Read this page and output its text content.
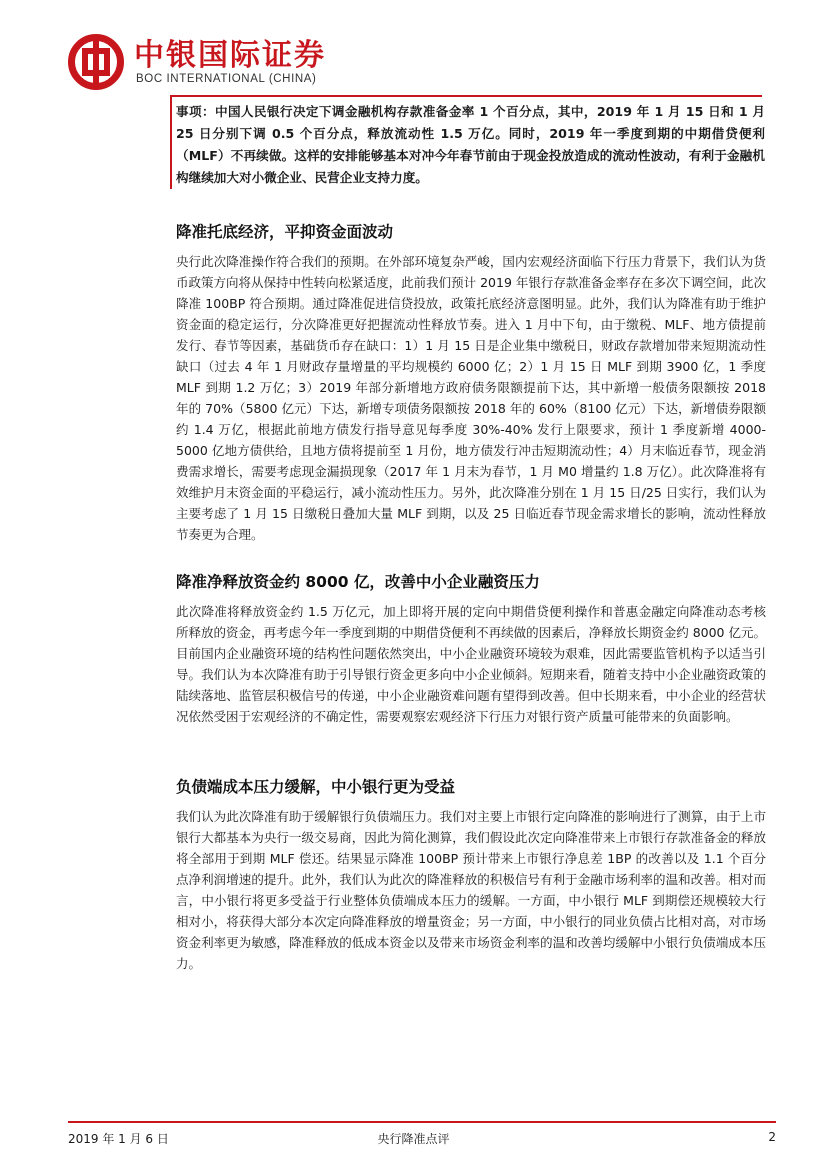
中银国际证券
BOC INTERNATIONAL (CHINA)

事项：中国人民银行决定下调金融机构存款准备金率 1 个百分点，其中，2019 年 1 月 15 日和 1 月 25 日分别下调 0.5 个百分点，释放流动性 1.5 万亿。同时，2019 年一季度到期的中期借贷便利（MLF）不再续做。这样的安排能够基本对冲今年春节前由于现金投放造成的流动性波动，有利于金融机构继续加大对小微企业、民营企业支持力度。

降准托底经济，平抑资金面波动

央行此次降准操作符合我们的预期。在外部环境复杂严峻，国内宏观经济面临下行压力背景下，我们认为货币政策方向将从保持中性转向松紧适度，此前我们预计 2019 年银行存款准备金率存在多次下调空间，此次降准 100BP 符合预期。通过降准促进信贷投放，政策托底经济意图明显。此外，我们认为降准有助于维护资金面的稳定运行，分次降准更好把握流动性释放节奏。进入 1 月中下旬，由于缴税、MLF、地方债提前发行、春节等因素，基础货币存在缺口：1）1 月 15 日是企业集中缴税日，财政存款增加带来短期流动性缺口（过去 4 年 1 月财政存量增量的平均规模约 6000 亿；2）1 月 15 日 MLF 到期 3900 亿，1 季度 MLF 到期 1.2 万亿；3）2019 年部分新增地方政府债务限额提前下达，其中新增一般债务限额按 2018 年的 70%（5800 亿元）下达，新增专项债务限额按 2018 年的 60%（8100 亿元）下达，新增债券限额约 1.4 万亿，根据此前地方债发行指导意见每季度 30%-40% 发行上限要求，预计 1 季度新增 4000-5000 亿地方债供给，且地方债将提前至 1 月份，地方债发行冲击短期流动性；4）月末临近春节，现金消费需求增长，需要考虑现金漏损现象（2017 年 1 月末为春节，1 月 M0 增量约 1.8 万亿）。此次降准将有效维护月末资金面的平稳运行，减小流动性压力。另外，此次降准分别在 1 月 15 日/25 日实行，我们认为主要考虑了 1 月 15 日缴税日叠加大量 MLF 到期，以及 25 日临近春节现金需求增长的影响，流动性释放节奏更为合理。

降准净释放资金约 8000 亿，改善中小企业融资压力

此次降准将释放资金约 1.5 万亿元，加上即将开展的定向中期借贷便利操作和普惠金融定向降准动态考核所释放的资金，再考虑今年一季度到期的中期借贷便利不再续做的因素后，净释放长期资金约 8000 亿元。目前国内企业融资环境的结构性问题依然突出，中小企业融资环境较为艰难，因此需要监管机构予以适当引导。我们认为本次降准有助于引导银行资金更多向中小企业倾斜。短期来看，随着支持中小企业融资政策的陆续落地、监管层积极信号的传递，中小企业融资难问题有望得到改善。但中长期来看，中小企业的经营状况依然受困于宏观经济的不确定性，需要观察宏观经济下行压力对银行资产质量可能带来的负面影响。

负债端成本压力缓解，中小银行更为受益

我们认为此次降准有助于缓解银行负债端压力。我们对主要上市银行定向降准的影响进行了测算，由于上市银行大都基本为央行一级交易商，因此为简化测算，我们假设此次定向降准带来上市银行存款准备金的释放将全部用于到期 MLF 偿还。结果显示降准 100BP 预计带来上市银行净息差 1BP 的改善以及 1.1 个百分点净利润增速的提升。此外，我们认为此次的降准释放的积极信号有利于金融市场利率的温和改善。相对而言，中小银行将更多受益于行业整体负债端成本压力的缓解。一方面，中小银行 MLF 到期偿还规模较大行相对小，将获得大部分本次定向降准释放的增量资金；另一方面，中小银行的同业负债占比相对高，对市场资金利率更为敏感，降准释放的低成本资金以及带来市场资金利率的温和改善均缓解中小银行负债端成本压力。

2019 年 1 月 6 日	央行降准点评	2
